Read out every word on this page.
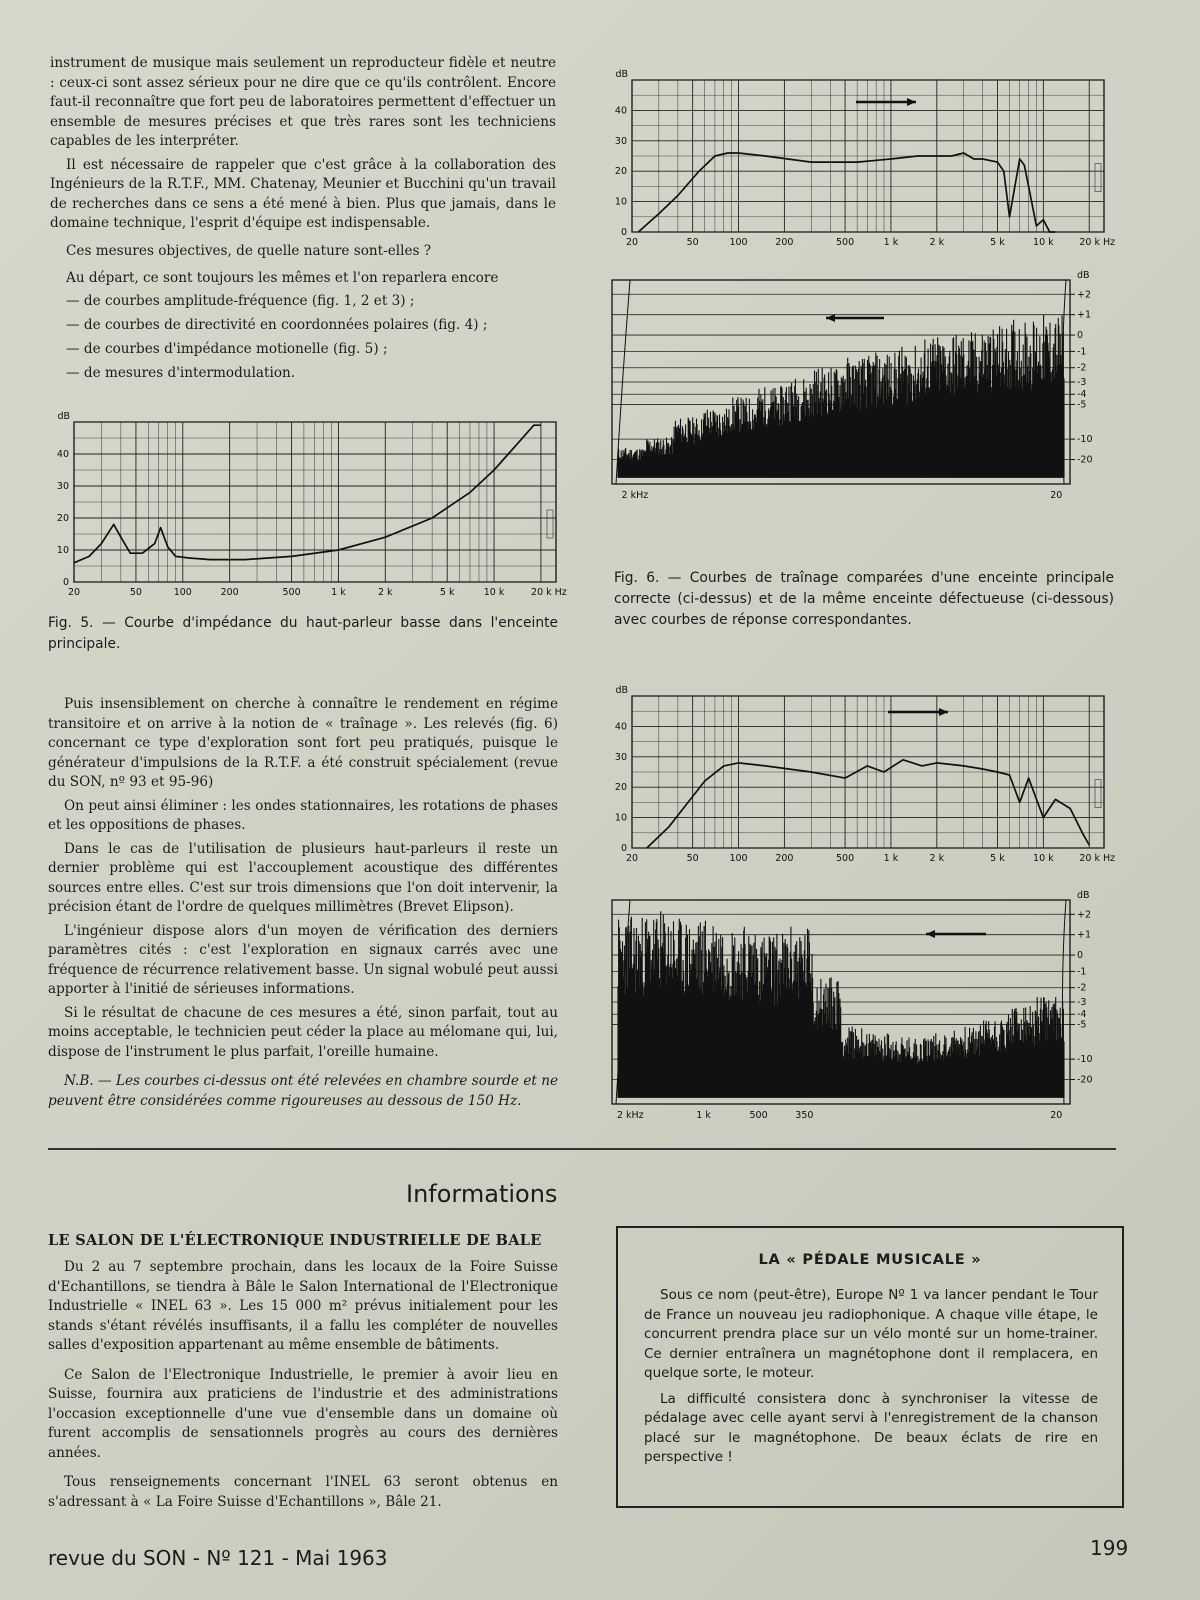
instrument de musique mais seulement un reproducteur fidèle et neutre : ceux-ci sont assez sérieux pour ne dire que ce qu'ils contrôlent. Encore faut-il reconnaître que fort peu de laboratoires permettent d'effectuer un ensemble de mesures précises et que très rares sont les techniciens capables de les interpréter.

Il est nécessaire de rappeler que c'est grâce à la collaboration des Ingénieurs de la R.T.F., MM. Chatenay, Meunier et Bucchini qu'un travail de recherches dans ce sens a été mené à bien. Plus que jamais, dans le domaine technique, l'esprit d'équipe est indispensable.

Ces mesures objectives, de quelle nature sont-elles ?

Au départ, ce sont toujours les mêmes et l'on reparlera encore

— de courbes amplitude-fréquence (fig. 1, 2 et 3) ;

— de courbes de directivité en coordonnées polaires (fig. 4) ;

— de courbes d'impédance motionelle (fig. 5) ;

— de mesures d'intermodulation.

0
10
20
30
40
dB
20	50	100	200	500	1 k	2 k	5 k	10 k	20 k Hz

Fig. 5. — Courbe d'impédance du haut-parleur basse dans l'enceinte principale.

0
10
20
30
40
dB
20	50	100	200	500	1 k	2 k	5 k	10 k	20 k Hz
+2
+1
0
-1
-2
-3
-4
-5
-10
-20
dB
2 kHz	20

Fig. 6. — Courbes de traînage comparées d'une enceinte principale correcte (ci-dessus) et de la même enceinte défectueuse (ci-dessous) avec courbes de réponse correspondantes.

Puis insensiblement on cherche à connaître le rendement en régime transitoire et on arrive à la notion de « traînage ». Les relevés (fig. 6) concernant ce type d'exploration sont fort peu pratiqués, puisque le générateur d'impulsions de la R.T.F. a été construit spécialement (revue du SON, nº 93 et 95-96)

On peut ainsi éliminer : les ondes stationnaires, les rotations de phases et les oppositions de phases.

Dans le cas de l'utilisation de plusieurs haut-parleurs il reste un dernier problème qui est l'accouplement acoustique des différentes sources entre elles. C'est sur trois dimensions que l'on doit intervenir, la précision étant de l'ordre de quelques millimètres (Brevet Elipson).

L'ingénieur dispose alors d'un moyen de vérification des derniers paramètres cités : c'est l'exploration en signaux carrés avec une fréquence de récurrence relativement basse. Un signal wobulé peut aussi apporter à l'initié de sérieuses informations.

Si le résultat de chacune de ces mesures a été, sinon parfait, tout au moins acceptable, le technicien peut céder la place au mélomane qui, lui, dispose de l'instrument le plus parfait, l'oreille humaine.

N.B. — Les courbes ci-dessus ont été relevées en chambre sourde et ne peuvent être considérées comme rigoureuses au dessous de 150 Hz.

0
10
20
30
40
dB
20	50	100	200	500	1 k	2 k	5 k	10 k	20 k Hz
+2
+1
0
-1
-2
-3
-4
-5
-10
-20
dB
2 kHz	1 k	500	350	20
Informations
LE SALON DE L'ÉLECTRONIQUE INDUSTRIELLE DE BALE

Du 2 au 7 septembre prochain, dans les locaux de la Foire Suisse d'Echantillons, se tiendra à Bâle le Salon International de l'Electronique Industrielle « INEL 63 ». Les 15 000 m² prévus initialement pour les stands s'étant révélés insuffisants, il a fallu les compléter de nouvelles salles d'exposition appartenant au même ensemble de bâtiments.

Ce Salon de l'Electronique Industrielle, le premier à avoir lieu en Suisse, fournira aux praticiens de l'industrie et des administrations l'occasion exceptionnelle d'une vue d'ensemble dans un domaine où furent accomplis de sensationnels progrès au cours des dernières années.

Tous renseignements concernant l'INEL 63 seront obtenus en s'adressant à « La Foire Suisse d'Echantillons », Bâle 21.

LA « PÉDALE MUSICALE »

Sous ce nom (peut-être), Europe Nº 1 va lancer pendant le Tour de France un nouveau jeu radiophonique. A chaque ville étape, le concurrent prendra place sur un vélo monté sur un home-trainer. Ce dernier entraînera un magnétophone dont il remplacera, en quelque sorte, le moteur.

La difficulté consistera donc à synchroniser la vitesse de pédalage avec celle ayant servi à l'enregistrement de la chanson placé sur le magnétophone. De beaux éclats de rire en perspective !

revue du SON - Nº 121 - Mai 1963	199
